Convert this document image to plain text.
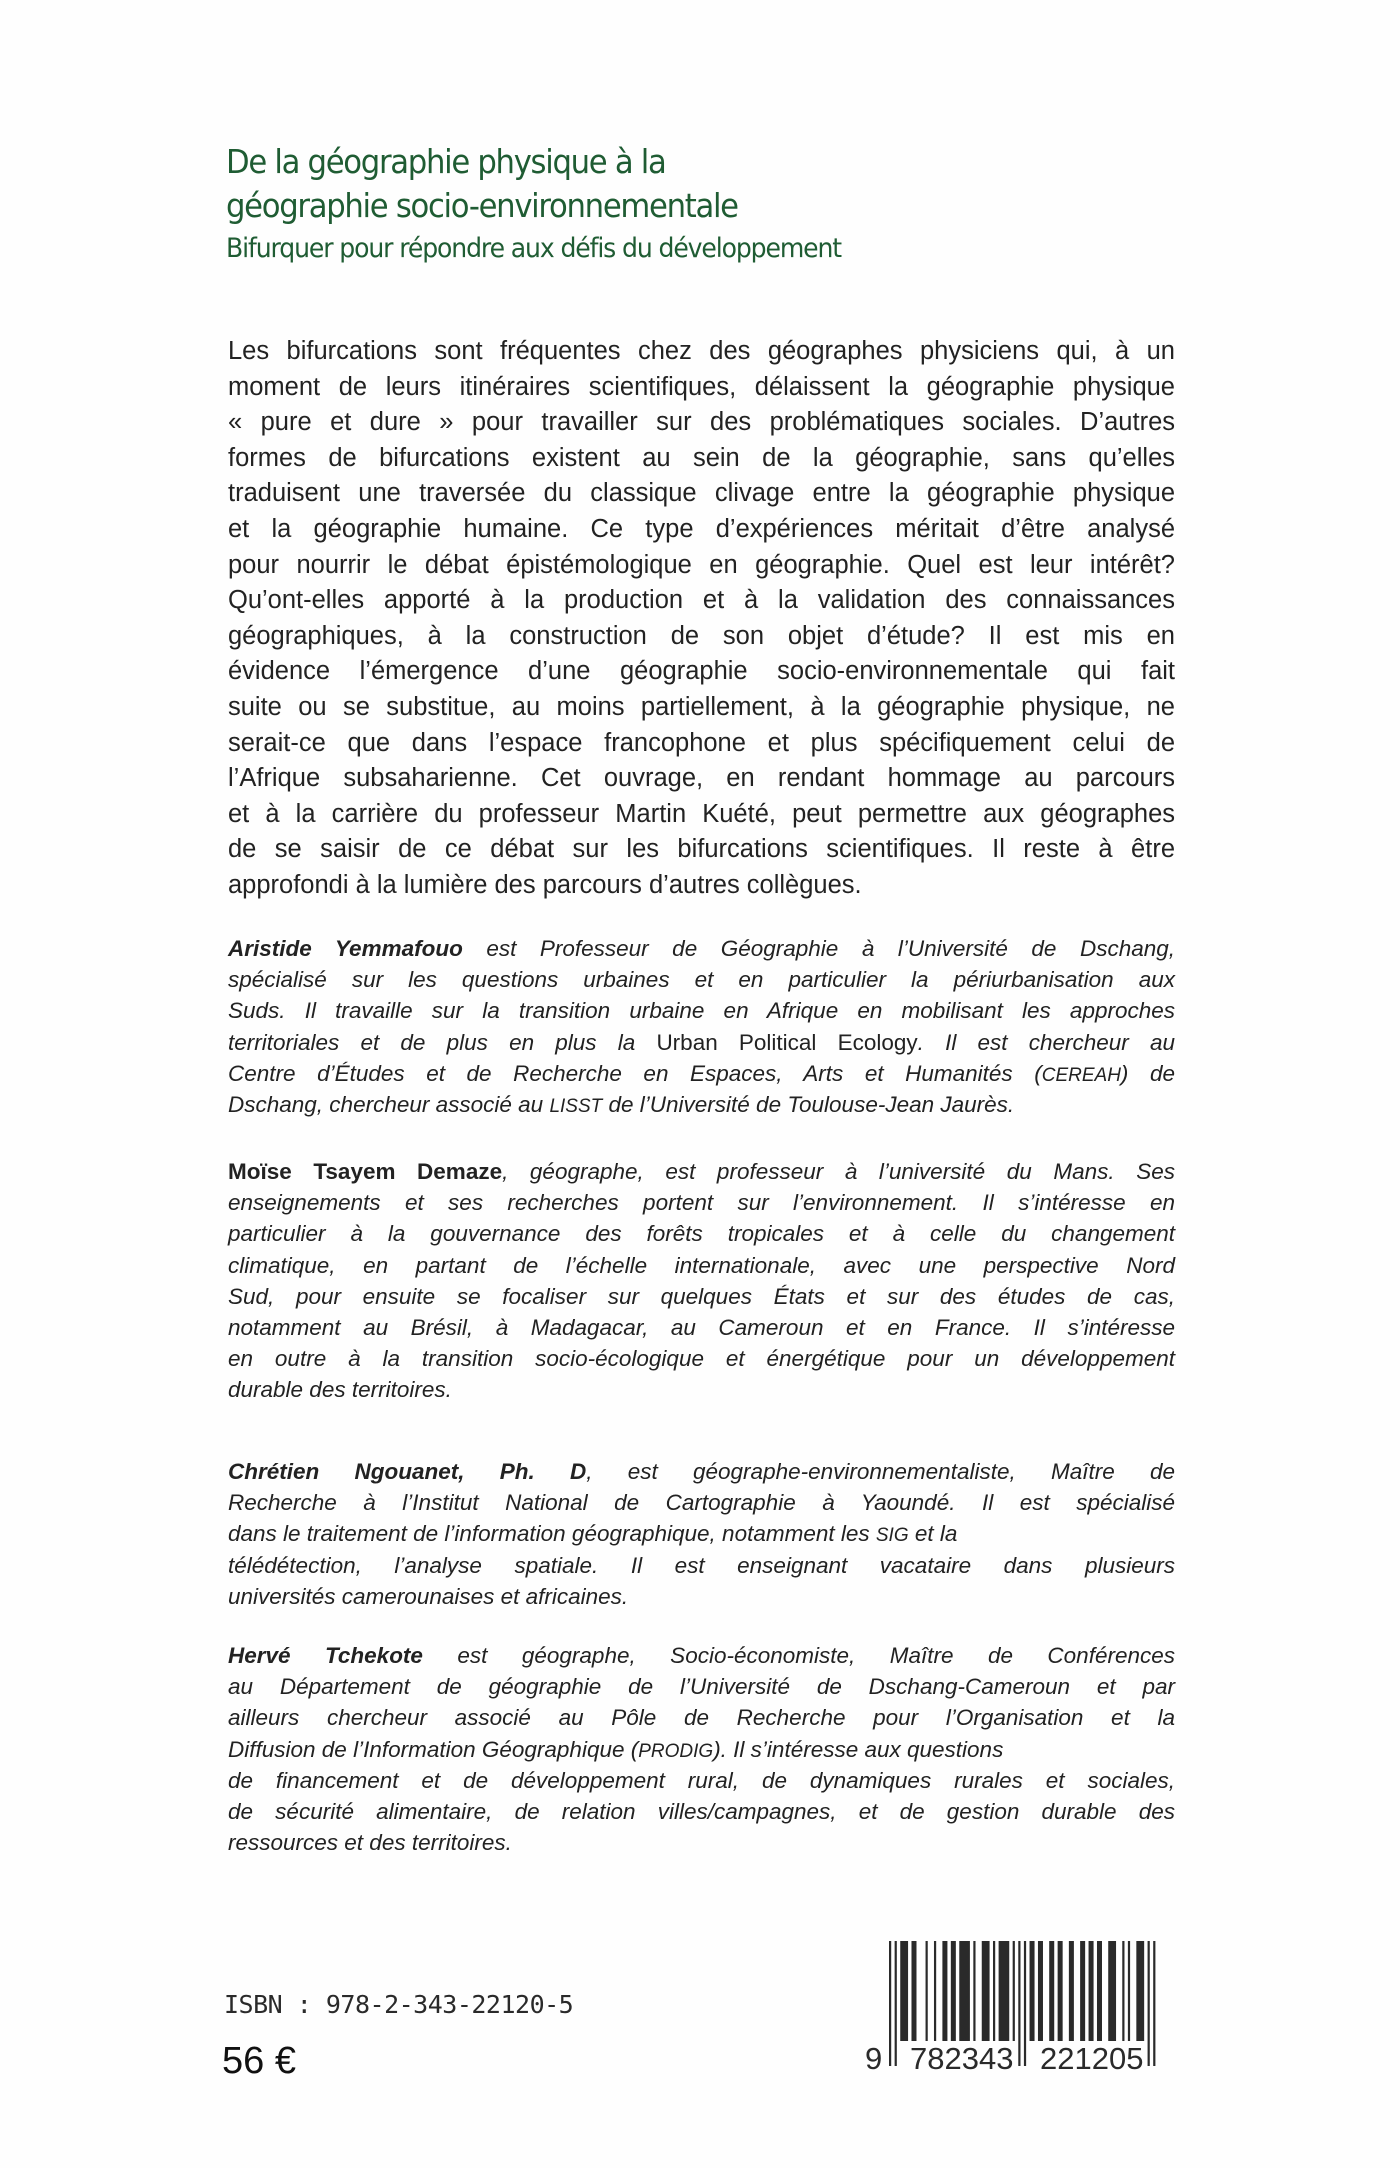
De la géographie physique à la
géographie socio-environnementale
Bifurquer pour répondre aux défis du développement
Les bifurcations sont fréquentes chez des géographes physiciens qui, à un
moment de leurs itinéraires scientifiques, délaissent la géographie physique
« pure et dure » pour travailler sur des problématiques sociales. D’autres
formes de bifurcations existent au sein de la géographie, sans qu’elles
traduisent une traversée du classique clivage entre la géographie physique
et la géographie humaine. Ce type d’expériences méritait d’être analysé
pour nourrir le débat épistémologique en géographie. Quel est leur intérêt?
Qu’ont-elles apporté à la production et à la validation des connaissances
géographiques, à la construction de son objet d’étude? Il est mis en
évidence l’émergence d’une géographie socio-environnementale qui fait
suite ou se substitue, au moins partiellement, à la géographie physique, ne
serait-ce que dans l’espace francophone et plus spécifiquement celui de
l’Afrique subsaharienne. Cet ouvrage, en rendant hommage au parcours
et à la carrière du professeur Martin Kuété, peut permettre aux géographes
de se saisir de ce débat sur les bifurcations scientifiques. Il reste à être
approfondi à la lumière des parcours d’autres collègues.
Aristide Yemmafouo est Professeur de Géographie à l’Université de Dschang,
spécialisé sur les questions urbaines et en particulier la périurbanisation aux
Suds. Il travaille sur la transition urbaine en Afrique en mobilisant les approches
territoriales et de plus en plus la Urban Political Ecology. Il est chercheur au
Centre d’Études et de Recherche en Espaces, Arts et Humanités (CEREAH) de
Dschang, chercheur associé au LISST de l’Université de Toulouse-Jean Jaurès.
Moïse Tsayem Demaze, géographe, est professeur à l’université du Mans. Ses
enseignements et ses recherches portent sur l’environnement. Il s’intéresse en
particulier à la gouvernance des forêts tropicales et à celle du changement
climatique, en partant de l’échelle internationale, avec une perspective Nord
Sud, pour ensuite se focaliser sur quelques États et sur des études de cas,
notamment au Brésil, à Madagacar, au Cameroun et en France. Il s’intéresse
en outre à la transition socio-écologique et énergétique pour un développement
durable des territoires.
Chrétien Ngouanet, Ph. D, est géographe-environnementaliste, Maître de
Recherche à l’Institut National de Cartographie à Yaoundé. Il est spécialisé
dans le traitement de l’information géographique, notamment les SIG et la
télédétection, l’analyse spatiale. Il est enseignant vacataire dans plusieurs
universités camerounaises et africaines.
Hervé Tchekote est géographe, Socio-économiste, Maître de Conférences
au Département de géographie de l’Université de Dschang-Cameroun et par
ailleurs chercheur associé au Pôle de Recherche pour l’Organisation et la
Diffusion de l’Information Géographique (PRODIG). Il s’intéresse aux questions
de financement et de développement rural, de dynamiques rurales et sociales,
de sécurité alimentaire, de relation villes/campagnes, et de gestion durable des
ressources et des territoires.
ISBN : 978-2-343-22120-5
56 €	9 782343 221205
